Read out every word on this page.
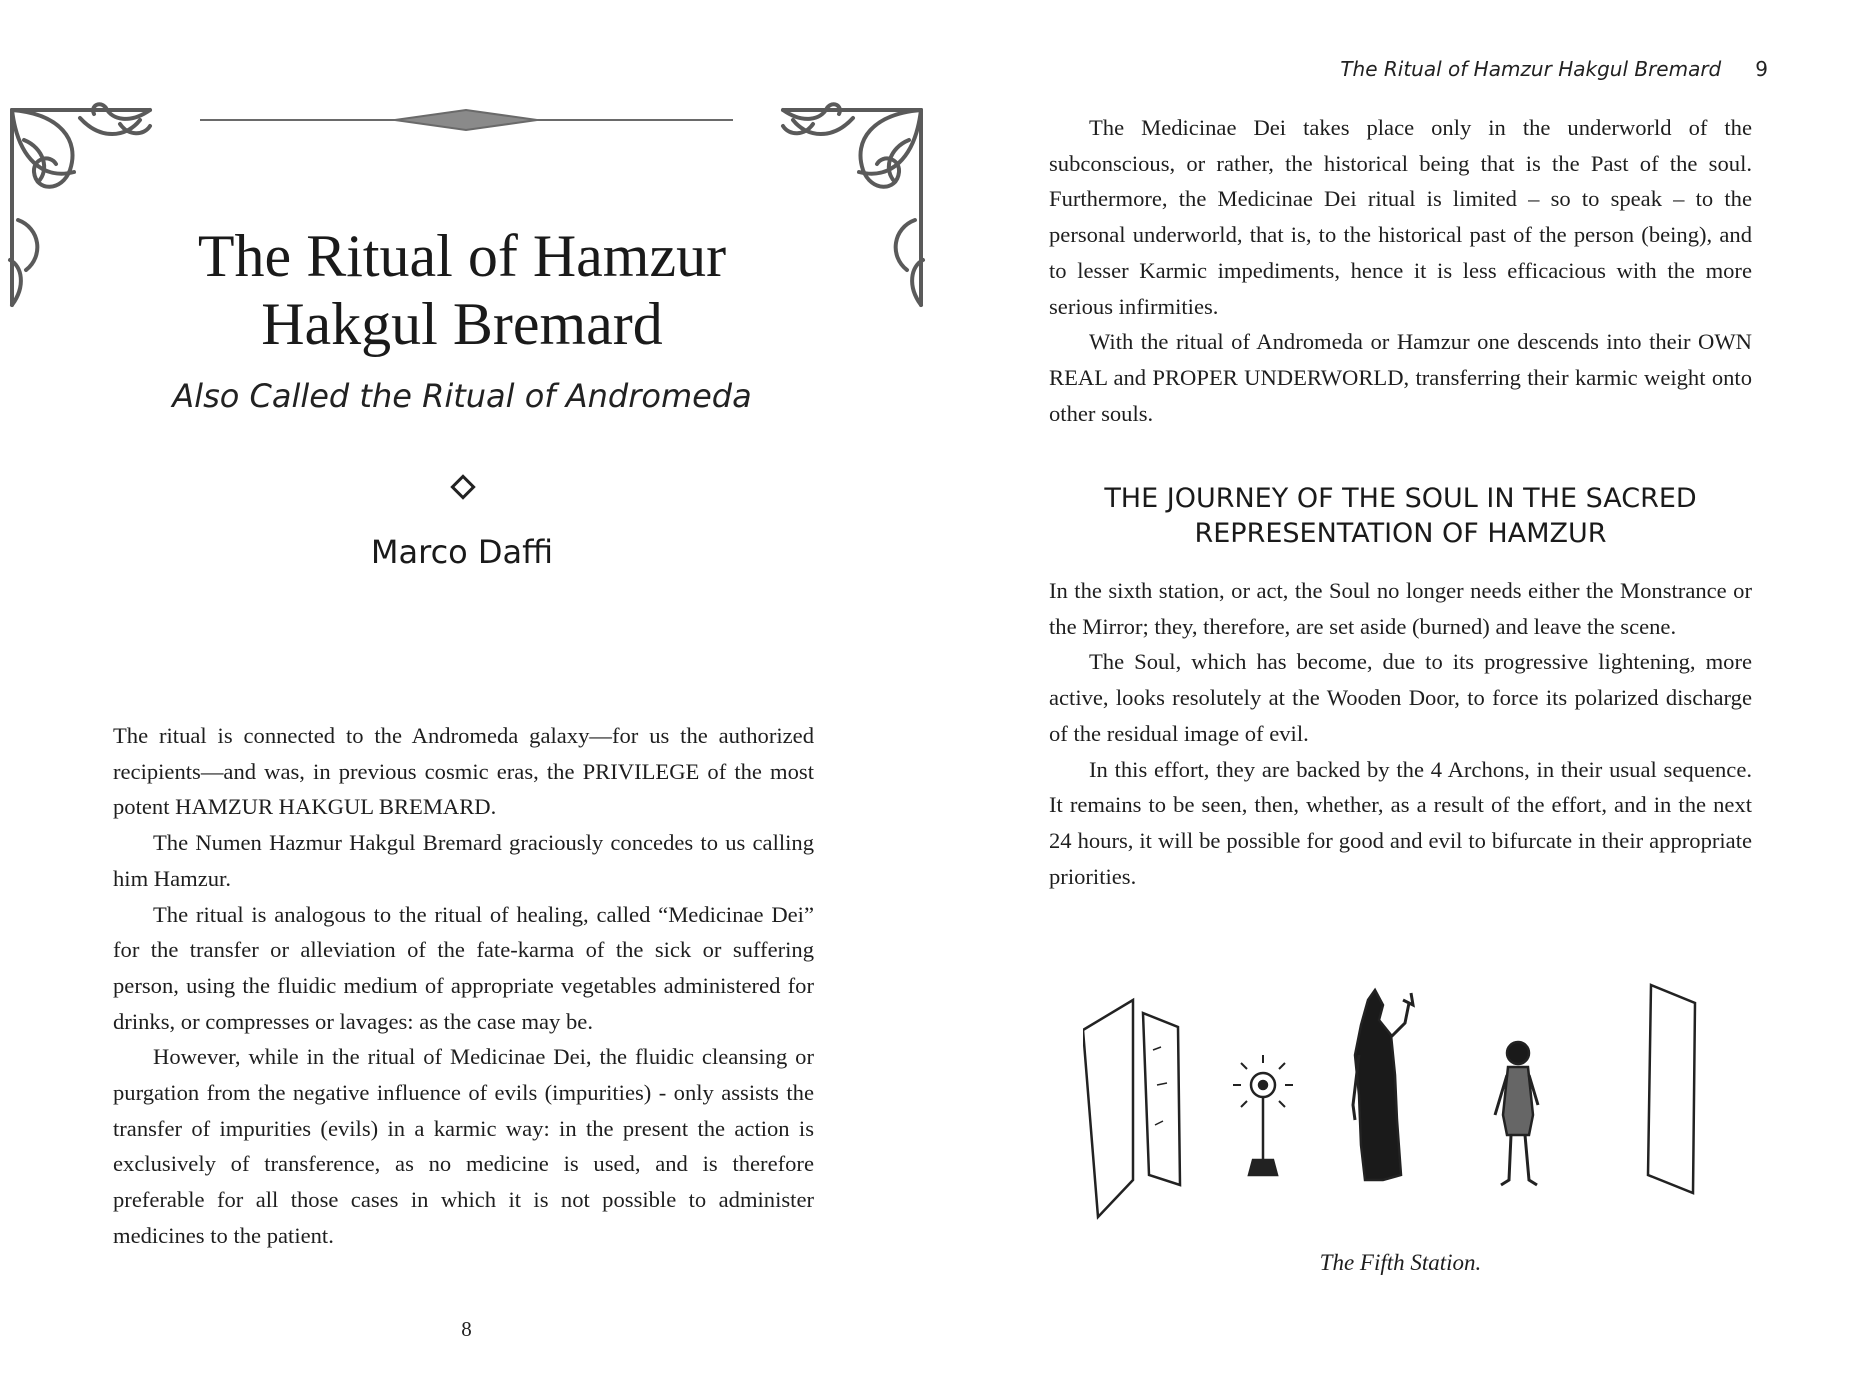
The Ritual of Hamzur
Hakgul Bremard

Also Called the Ritual of Andromeda

Marco Daffi

The ritual is connected to the Andromeda galaxy—for us the authorized recipients—and was, in previous cosmic eras, the PRIVILEGE of the most potent HAMZUR HAKGUL BREMARD.

The Numen Hazmur Hakgul Bremard graciously concedes to us calling him Hamzur.

The ritual is analogous to the ritual of healing, called “Medicinae Dei” for the transfer or alleviation of the fate-karma of the sick or suffering person, using the fluidic medium of appropriate vegetables administered for drinks, or compresses or lavages: as the case may be.

However, while in the ritual of Medicinae Dei, the fluidic cleansing or purgation from the negative influence of evils (impurities) - only assists the transfer of impurities (evils) in a karmic way: in the present the action is exclusively of transference, as no medicine is used, and is therefore preferable for all those cases in which it is not possible to administer medicines to the patient.

8
The Ritual of Hamzur Hakgul Bremard 9

The Medicinae Dei takes place only in the underworld of the subconscious, or rather, the historical being that is the Past of the soul. Furthermore, the Medicinae Dei ritual is limited – so to speak – to the personal underworld, that is, to the historical past of the person (being), and to lesser Karmic impediments, hence it is less efficacious with the more serious infirmities.

With the ritual of Andromeda or Hamzur one descends into their OWN REAL and PROPER UNDERWORLD, transferring their karmic weight onto other souls.

THE JOURNEY OF THE SOUL IN THE SACRED
REPRESENTATION OF HAMZUR

In the sixth station, or act, the Soul no longer needs either the Monstrance or the Mirror; they, therefore, are set aside (burned) and leave the scene.

The Soul, which has become, due to its progressive lightening, more active, looks resolutely at the Wooden Door, to force its polarized discharge of the residual image of evil.

In this effort, they are backed by the 4 Archons, in their usual sequence. It remains to be seen, then, whether, as a result of the effort, and in the next 24 hours, it will be possible for good and evil to bifurcate in their appropriate priorities.

The Fifth Station.
